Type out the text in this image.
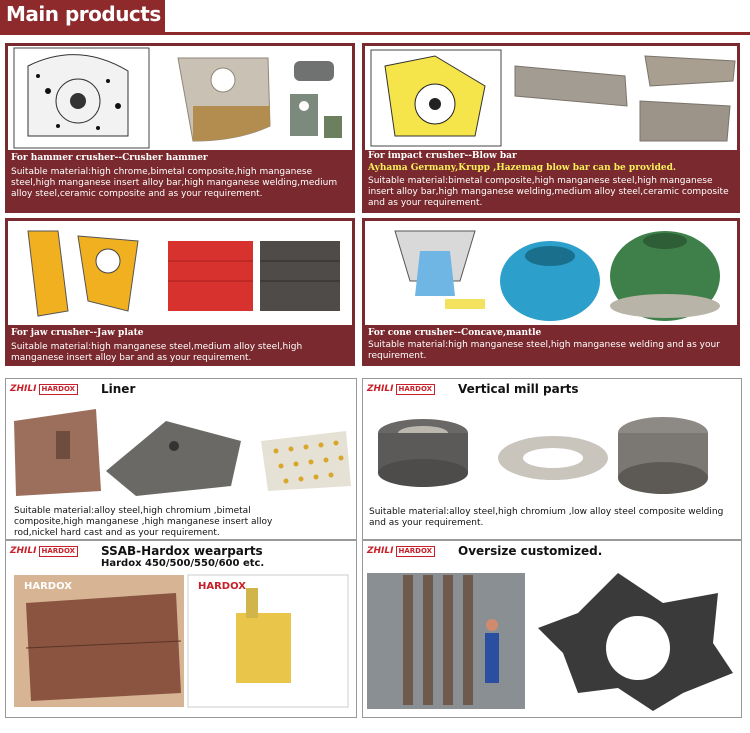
Main products
For hammer crusher--Crusher hammer
Suitable material:high chrome,bimetal composite,high manganese steel,high manganese insert alloy bar,high manganese welding,medium alloy steel,ceramic composite and as your requirement.
For impact crusher--Blow bar
Ayhama Germany,Krupp ,Hazemag blow bar can be provided.
Suitable material:bimetal composite,high manganese steel,high manganese insert alloy bar,high manganese welding,medium alloy steel,ceramic composite and as your requirement.
For jaw crusher--Jaw plate
Suitable material:high manganese steel,medium alloy steel,high manganese insert alloy bar and as your requirement.
For cone crusher--Concave,mantle
Suitable material:high manganese steel,high manganese welding and as your requirement.
ZHILI HARDOX Liner
Suitable material:alloy steel,high chromium ,bimetal composite,high manganese ,high manganese insert alloy rod,nickel hard cast and as your requirement.
ZHILI HARDOX Vertical mill parts
Suitable material:alloy steel,high chromium ,low alloy steel composite welding and as your requirement.
ZHILI HARDOX SSAB-Hardox wearparts
Hardox 450/500/550/600 etc.
HARDOX	HARDOX
ZHILI HARDOX Oversize customized.
